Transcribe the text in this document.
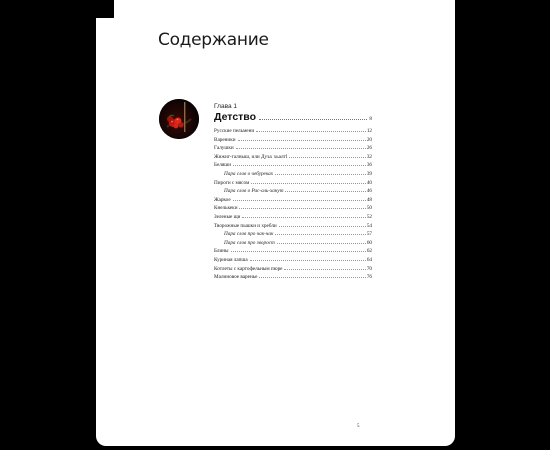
Содержание
Глава 1
Детство	8
Русские пельмени	12
Вареники	20
Галушки	26
Жижиг-галныш, или Дуъх хьалтӏ	32
Беляши	36
Пара слов о чебуреках	39
Пироги с мясом	40
Пара слов о Рас-аль-ханут	46
Жаркое	48
Кнелькеки	50
Зеленые щи	52
Творожные пышки и хребли	54
Пара слов про чак-чак	57
Пара слов про зворост	60
Блины	62
Куриная лапша	64
Котлеты с картофельным пюре	70
Малиновое варенье	76
5
